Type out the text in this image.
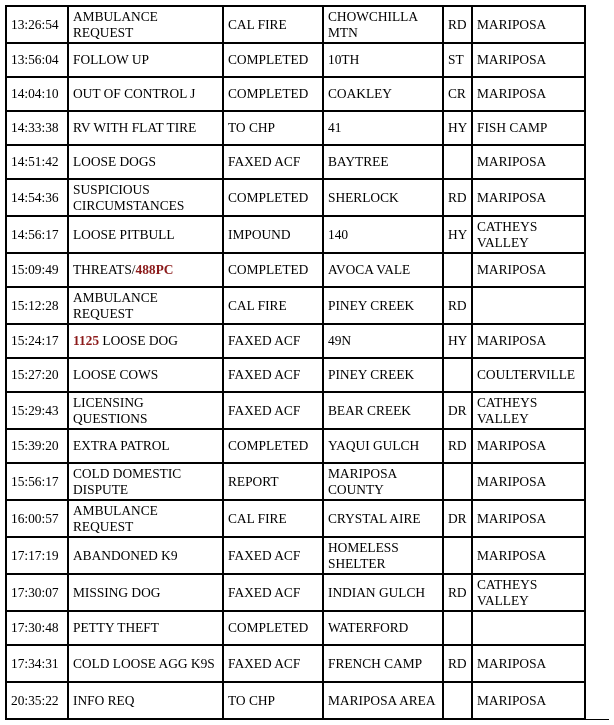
13:26:54	AMBULANCE REQUEST	CAL FIRE	CHOWCHILLA MTN	RD	MARIPOSA
13:56:04	FOLLOW UP	COMPLETED	10TH	ST	MARIPOSA
14:04:10	OUT OF CONTROL J	COMPLETED	COAKLEY	CR	MARIPOSA
14:33:38	RV WITH FLAT TIRE	TO CHP	41	HY	FISH CAMP
14:51:42	LOOSE DOGS	FAXED ACF	BAYTREE		MARIPOSA
14:54:36	SUSPICIOUS CIRCUMSTANCES	COMPLETED	SHERLOCK	RD	MARIPOSA
14:56:17	LOOSE PITBULL	IMPOUND	140	HY	CATHEYS VALLEY
15:09:49	THREATS/488PC	COMPLETED	AVOCA VALE		MARIPOSA
15:12:28	AMBULANCE REQUEST	CAL FIRE	PINEY CREEK	RD	
15:24:17	1125 LOOSE DOG	FAXED ACF	49N	HY	MARIPOSA
15:27:20	LOOSE COWS	FAXED ACF	PINEY CREEK		COULTERVILLE
15:29:43	LICENSING QUESTIONS	FAXED ACF	BEAR CREEK	DR	CATHEYS VALLEY
15:39:20	EXTRA PATROL	COMPLETED	YAQUI GULCH	RD	MARIPOSA
15:56:17	COLD DOMESTIC DISPUTE	REPORT	MARIPOSA COUNTY		MARIPOSA
16:00:57	AMBULANCE REQUEST	CAL FIRE	CRYSTAL AIRE	DR	MARIPOSA
17:17:19	ABANDONED K9	FAXED ACF	HOMELESS SHELTER		MARIPOSA
17:30:07	MISSING DOG	FAXED ACF	INDIAN GULCH	RD	CATHEYS VALLEY
17:30:48	PETTY THEFT	COMPLETED	WATERFORD		
17:34:31	COLD LOOSE AGG K9S	FAXED ACF	FRENCH CAMP	RD	MARIPOSA
20:35:22	INFO REQ	TO CHP	MARIPOSA AREA		MARIPOSA
